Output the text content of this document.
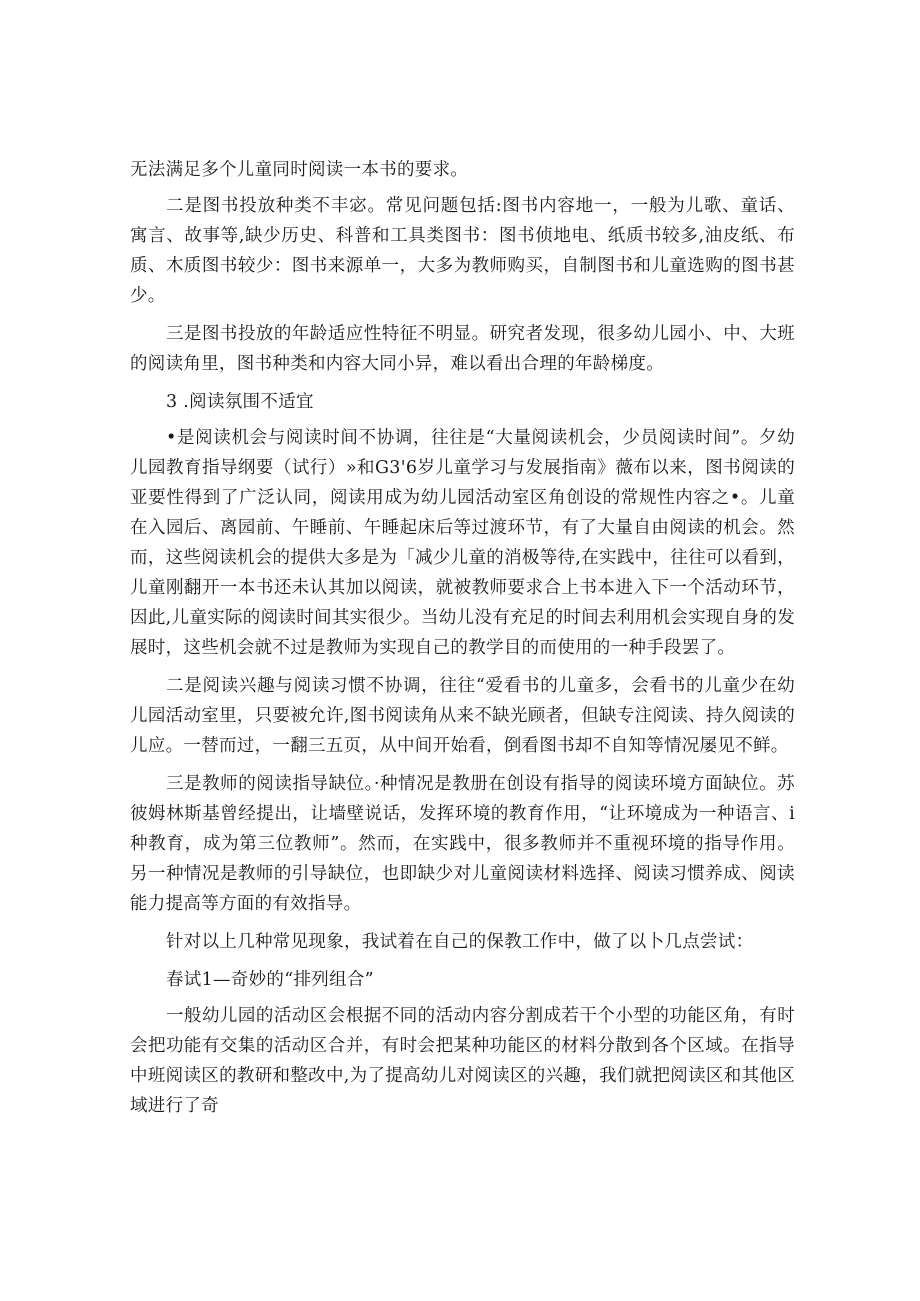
无法满足多个儿童同时阅读一本书的要求。

二是图书投放种类不丰宓。常见问题包括:图书内容地一，一般为儿歌、童话、寓言、故事等,缺少历史、科普和工具类图书：图书侦地电、纸质书较多,油皮纸、布质、木质图书较少：图书来源单一，大多为教师购买，自制图书和儿童选购的图书甚少。

三是图书投放的年龄适应性特征不明显。研究者发现，很多幼儿园小、中、大班的阅读角里，图书种类和内容大同小异，难以看出合理的年龄梯度。

3 .阅读氛围不适宜

•是阅读机会与阅读时间不协调，往往是“大量阅读机会，少员阅读时间”。夕幼儿园教育指导纲要（试行）»和G3'6岁儿童学习与发展指南》薇布以来，图书阅读的亚要性得到了广泛认同，阅读用成为幼儿园活动室区角创设的常规性内容之•。儿童在入园后、离园前、午睡前、午睡起床后等过渡环节，有了大量自由阅读的机会。然而，这些阅读机会的提供大多是为「减少儿童的消极等待,在实践中，往往可以看到，儿童刚翻开一本书还未认其加以阅读，就被教师要求合上书本进入下一个活动环节，因此,儿童实际的阅读时间其实很少。当幼儿没有充足的时间去利用机会实现自身的发展时，这些机会就不过是教师为实现自己的教学目的而使用的一种手段罢了。

二是阅读兴趣与阅读习惯不协调，往往“爱看书的儿童多，会看书的儿童少在幼儿园活动室里，只要被允许,图书阅读角从来不缺光顾者，但缺专注阅读、持久阅读的儿应。一替而过，一翻三五页，从中间开始看，倒看图书却不自知等情况屡见不鲜。

三是教师的阅读指导缺位。·种情况是教册在创设有指导的阅读环境方面缺位。苏彼姆林斯基曾经提出，让墙壁说话，发挥环境的教育作用，“让环境成为一种语言、i种教育，成为第三位教师”。然而，在实践中，很多教师并不重视环境的指导作用。另一种情况是教师的引导缺位，也即缺少对儿童阅读材料选择、阅读习惯养成、阅读能力提高等方面的有效指导。

针对以上几种常见现象，我试着在自己的保教工作中，做了以卜几点尝试：

春试1—奇妙的“排列组合”

一般幼儿园的活动区会根据不同的活动内容分割成若干个小型的功能区角，有时会把功能有交集的活动区合并，有时会把某种功能区的材料分散到各个区域。在指导中班阅读区的教研和整改中,为了提高幼儿对阅读区的兴趣，我们就把阅读区和其他区域进行了奇
